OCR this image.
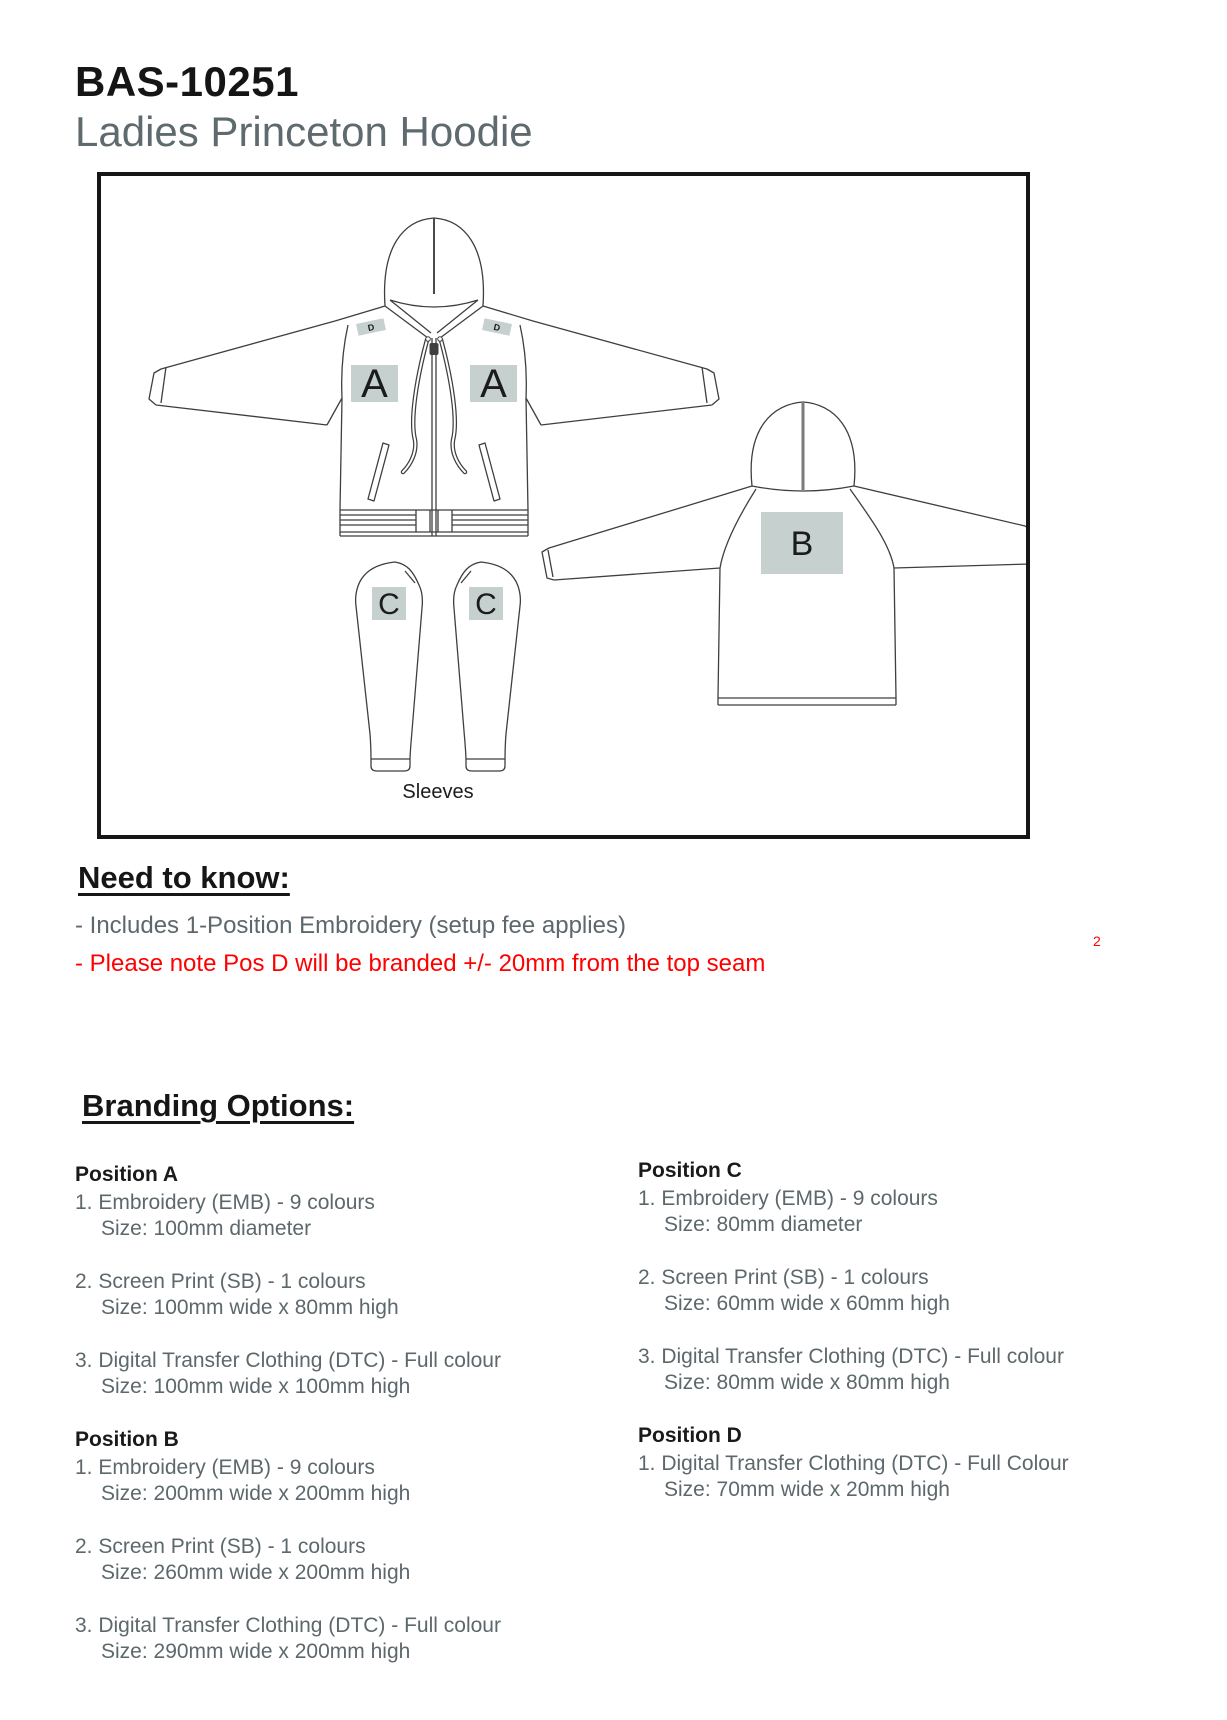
BAS-10251
Ladies Princeton Hoodie
A A
D	D
C	C
Sleeves
B
Need to know:

- Includes 1-Position Embroidery (setup fee applies)

- Please note Pos D will be branded +/- 20mm from the top seam

2
Branding Options:
Position A
1. Embroidery (EMB) - 9 colours
Size: 100mm diameter
2. Screen Print (SB) - 1 colours
Size: 100mm wide x 80mm high
3. Digital Transfer Clothing (DTC) - Full colour
Size: 100mm wide x 100mm high
Position B
1. Embroidery (EMB) - 9 colours
Size: 200mm wide x 200mm high
2. Screen Print (SB) - 1 colours
Size: 260mm wide x 200mm high
3. Digital Transfer Clothing (DTC) - Full colour
Size: 290mm wide x 200mm high
Position C
1. Embroidery (EMB) - 9 colours
Size: 80mm diameter
2. Screen Print (SB) - 1 colours
Size: 60mm wide x 60mm high
3. Digital Transfer Clothing (DTC) - Full colour
Size: 80mm wide x 80mm high
Position D
1. Digital Transfer Clothing (DTC) - Full Colour
Size: 70mm wide x 20mm high
